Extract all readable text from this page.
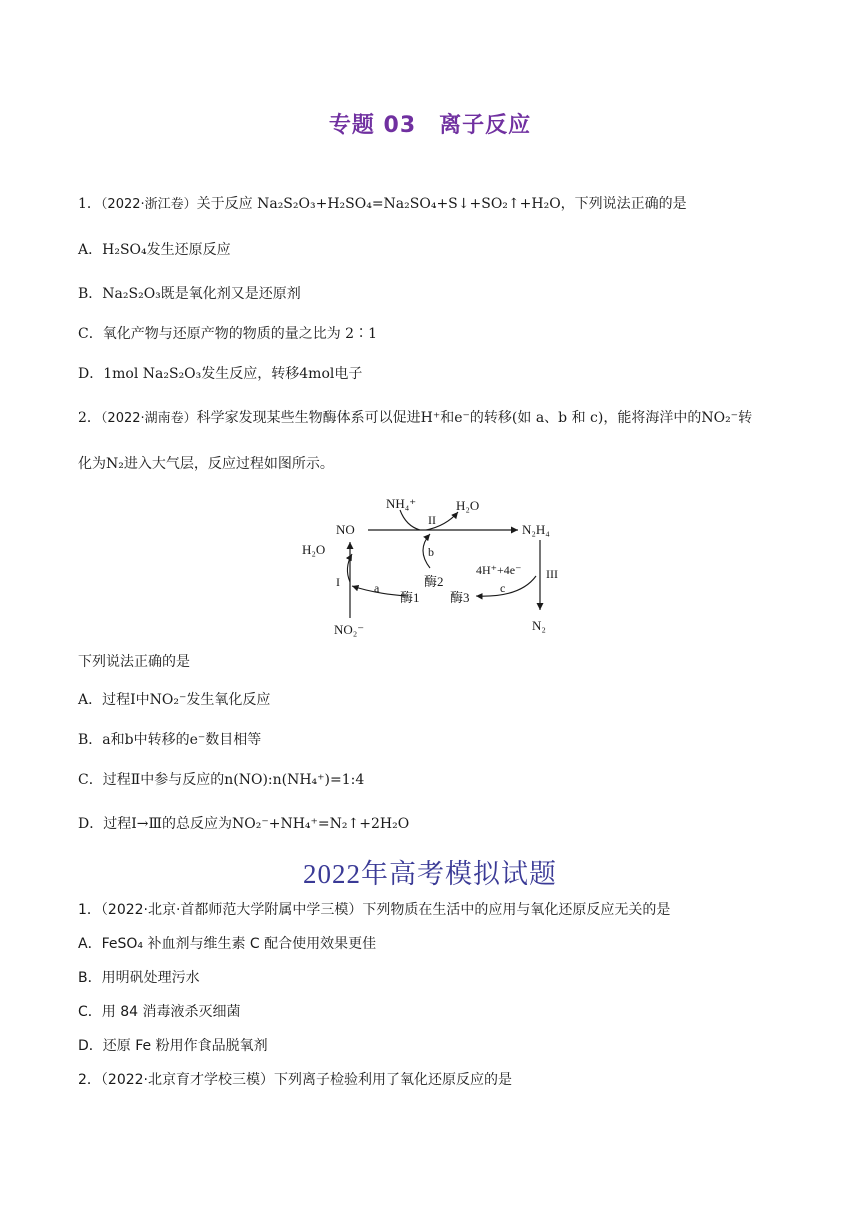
专题 03　离子反应
1．（2022·浙江卷）关于反应 Na₂S₂O₃+H₂SO₄=Na₂SO₄+S↓+SO₂↑+H₂O，下列说法正确的是
A．H₂SO₄发生还原反应
B．Na₂S₂O₃既是氧化剂又是还原剂
C．氧化产物与还原产物的物质的量之比为 2∶1
D．1mol Na₂S₂O₃发生反应，转移4mol电子
2．（2022·湖南卷）科学家发现某些生物酶体系可以促进H⁺和e⁻的转移(如 a、b 和 c)，能将海洋中的NO₂⁻转
化为N₂进入大气层，反应过程如图所示。
NH₄⁺	H₂O
NO	N₂H₄
II
H₂O
I	a
b
酶2
酶1 酶3
4H⁺+4e⁻
c
III
NO₂⁻	N₂
下列说法正确的是
A．过程Ⅰ中NO₂⁻发生氧化反应
B．a和b中转移的e⁻数目相等
C．过程Ⅱ中参与反应的n(NO):n(NH₄⁺)=1:4
D．过程Ⅰ→Ⅲ的总反应为NO₂⁻+NH₄⁺=N₂↑+2H₂O
2022年高考模拟试题
1．（2022·北京·首都师范大学附属中学三模）下列物质在生活中的应用与氧化还原反应无关的是
A．FeSO₄ 补血剂与维生素 C 配合使用效果更佳
B．用明矾处理污水
C．用 84 消毒液杀灭细菌
D．还原 Fe 粉用作食品脱氧剂
2．（2022·北京育才学校三模）下列离子检验利用了氧化还原反应的是
